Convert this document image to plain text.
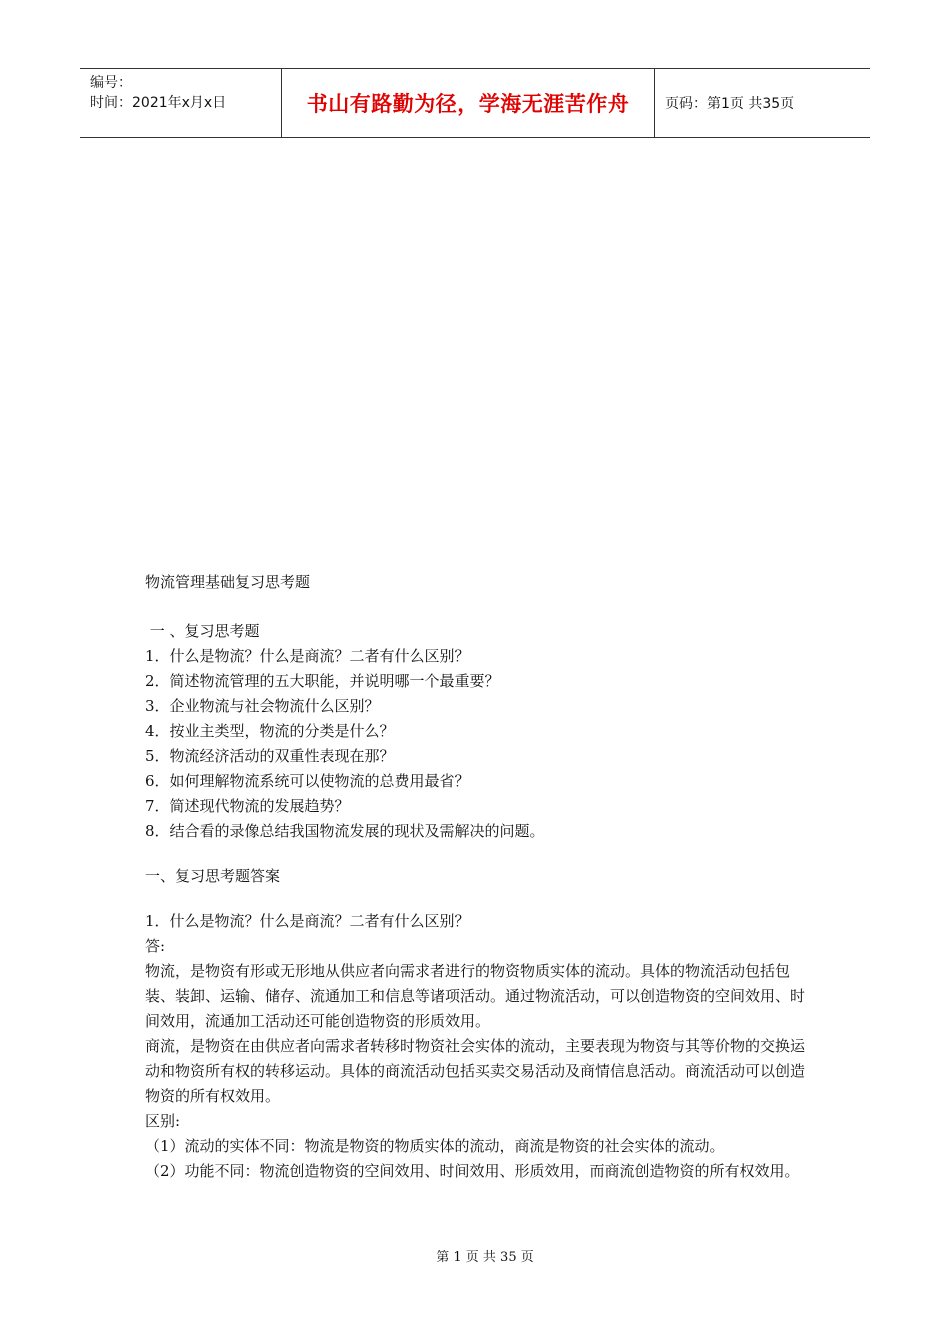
编号：
时间：2021年x月x日	书山有路勤为径，学海无涯苦作舟	页码：第1页 共35页

物流管理基础复习思考题

一 、复习思考题

1．什么是物流？什么是商流？二者有什么区别？

2．简述物流管理的五大职能，并说明哪一个最重要？

3．企业物流与社会物流什么区别？

4．按业主类型，物流的分类是什么？

5．物流经济活动的双重性表现在那？

6．如何理解物流系统可以使物流的总费用最省？

7．简述现代物流的发展趋势？

8．结合看的录像总结我国物流发展的现状及需解决的问题。

一、复习思考题答案

1．什么是物流？什么是商流？二者有什么区别？

答:

物流，是物资有形或无形地从供应者向需求者进行的物资物质实体的流动。具体的物流活动包括包装、装卸、运输、储存、流通加工和信息等诸项活动。通过物流活动，可以创造物资的空间效用、时间效用，流通加工活动还可能创造物资的形质效用。

商流，是物资在由供应者向需求者转移时物资社会实体的流动，主要表现为物资与其等价物的交换运动和物资所有权的转移运动。具体的商流活动包括买卖交易活动及商情信息活动。商流活动可以创造物资的所有权效用。

区别:

（1）流动的实体不同：物流是物资的物质实体的流动，商流是物资的社会实体的流动。

（2）功能不同：物流创造物资的空间效用、时间效用、形质效用，而商流创造物资的所有权效用。

第 1 页 共 35 页
